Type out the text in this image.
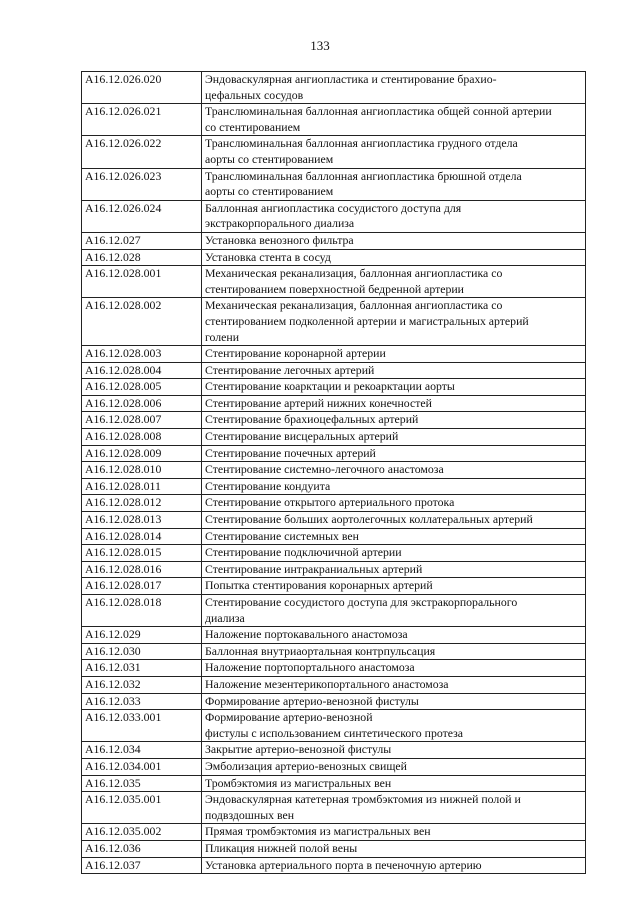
133
A16.12.026.020	Эндоваскулярная ангиопластика и стентирование брахио-
цефальных сосудов

A16.12.026.021	Транслюминальная баллонная ангиопластика общей сонной артерии
со стентированием

A16.12.026.022	Транслюминальная баллонная ангиопластика грудного отдела
аорты со стентированием

A16.12.026.023	Транслюминальная баллонная ангиопластика брюшной отдела
аорты со стентированием

A16.12.026.024	Баллонная ангиопластика сосудистого доступа для
экстракорпорального диализа

A16.12.027	Установка венозного фильтра

A16.12.028	Установка стента в сосуд

A16.12.028.001	Механическая реканализация, баллонная ангиопластика со
стентированием поверхностной бедренной артерии

A16.12.028.002	Механическая реканализация, баллонная ангиопластика со
стентированием подколенной артерии и магистральных артерий
голени

A16.12.028.003	Стентирование коронарной артерии

A16.12.028.004	Стентирование легочных артерий

A16.12.028.005	Стентирование коарктации и рекоарктации аорты

A16.12.028.006	Стентирование артерий нижних конечностей

A16.12.028.007	Стентирование брахиоцефальных артерий

A16.12.028.008	Стентирование висцеральных артерий

A16.12.028.009	Стентирование почечных артерий

A16.12.028.010	Стентирование системно-легочного анастомоза

A16.12.028.011	Стентирование кондуита

A16.12.028.012	Стентирование открытого артериального протока

A16.12.028.013	Стентирование больших аортолегочных коллатеральных артерий

A16.12.028.014	Стентирование системных вен

A16.12.028.015	Стентирование подключичной артерии

A16.12.028.016	Стентирование интракраниальных артерий

A16.12.028.017	Попытка стентирования коронарных артерий

A16.12.028.018	Стентирование сосудистого доступа для экстракорпорального
диализа

A16.12.029	Наложение портокавального анастомоза

A16.12.030	Баллонная внутриаортальная контрпульсация

A16.12.031	Наложение портопортального анастомоза

A16.12.032	Наложение мезентерикопортального анастомоза

A16.12.033	Формирование артерио-венозной фистулы

A16.12.033.001	Формирование артерио-венозной
фистулы с использованием синтетического протеза

A16.12.034	Закрытие артерио-венозной фистулы

A16.12.034.001	Эмболизация артерио-венозных свищей

A16.12.035	Тромбэктомия из магистральных вен

A16.12.035.001	Эндоваскулярная катетерная тромбэктомия из нижней полой и
подвздошных вен

A16.12.035.002	Прямая тромбэктомия из магистральных вен

A16.12.036	Пликация нижней полой вены

A16.12.037	Установка артериального порта в печеночную артерию
